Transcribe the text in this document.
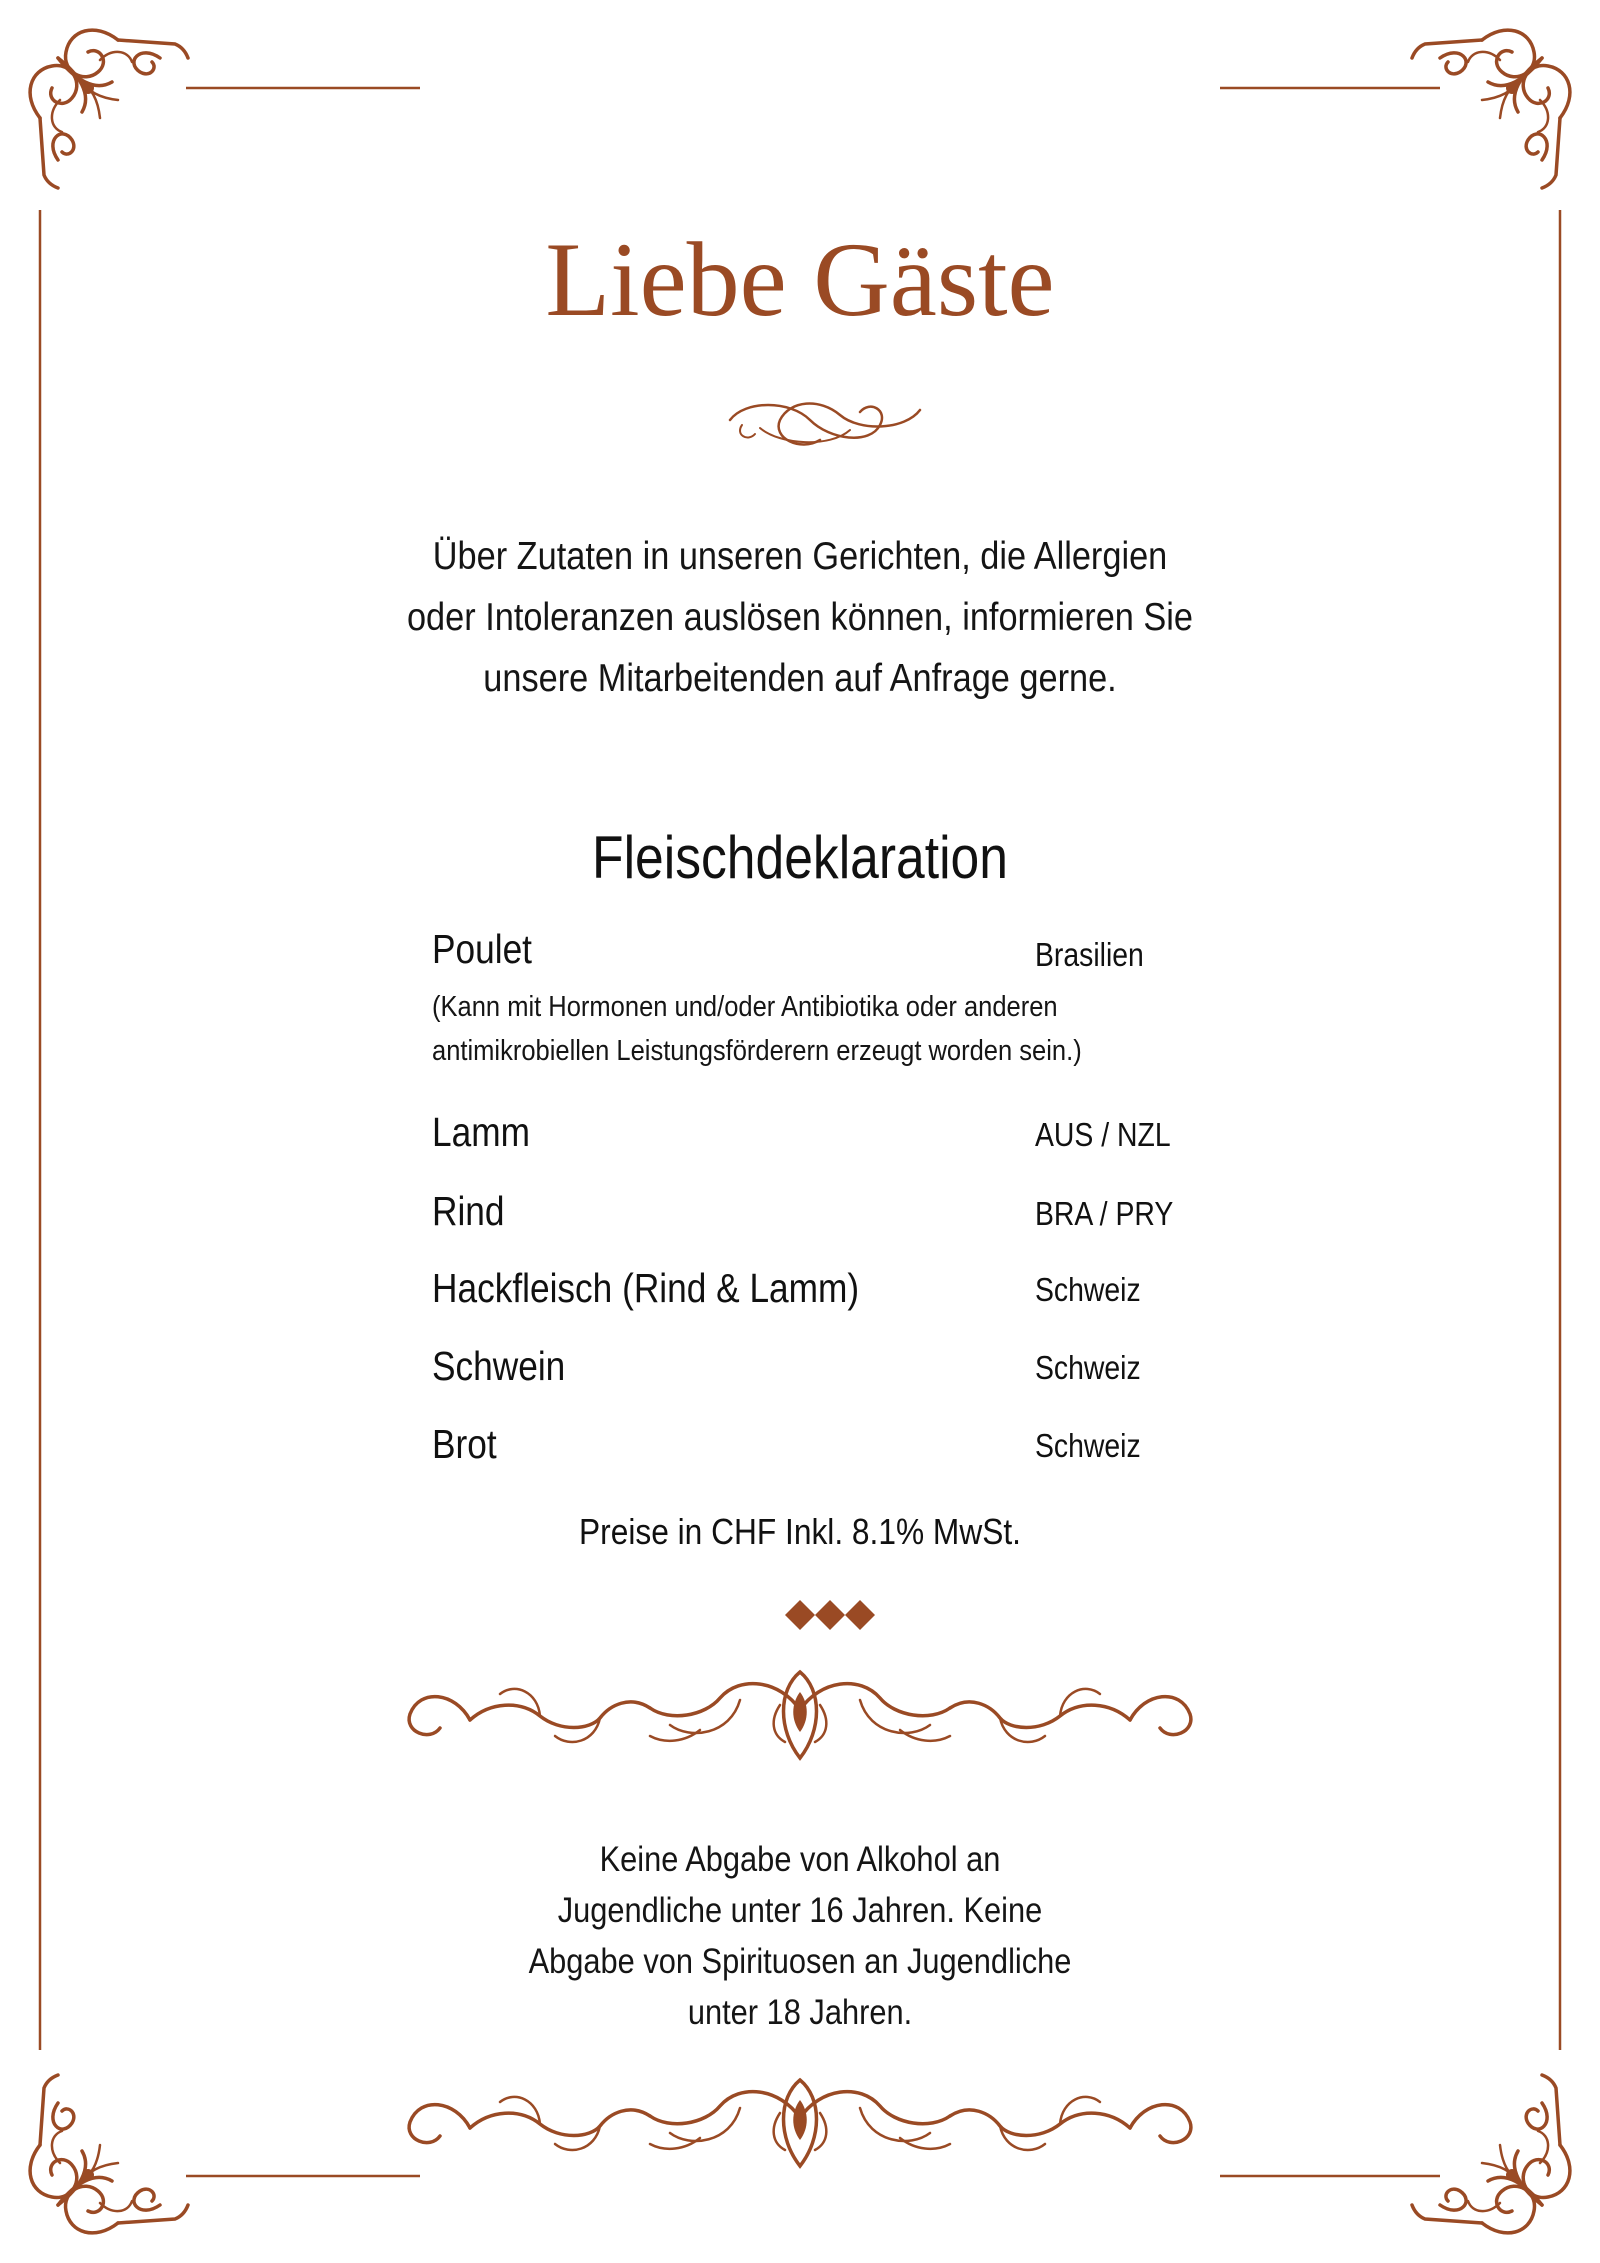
Liebe Gäste
Über Zutaten in unseren Gerichten, die Allergien
oder Intoleranzen auslösen können, informieren Sie
unsere Mitarbeitenden auf Anfrage gerne.
Fleischdeklaration
Poulet	Brasilien
(Kann mit Hormonen und/oder Antibiotika oder anderen
antimikrobiellen Leistungsförderern erzeugt worden sein.)
Lamm	AUS / NZL
Rind	BRA / PRY
Hackfleisch (Rind & Lamm)	Schweiz
Schwein	Schweiz
Brot	Schweiz
Preise in CHF Inkl. 8.1% MwSt.
Keine Abgabe von Alkohol an
Jugendliche unter 16 Jahren. Keine
Abgabe von Spirituosen an Jugendliche
unter 18 Jahren.
